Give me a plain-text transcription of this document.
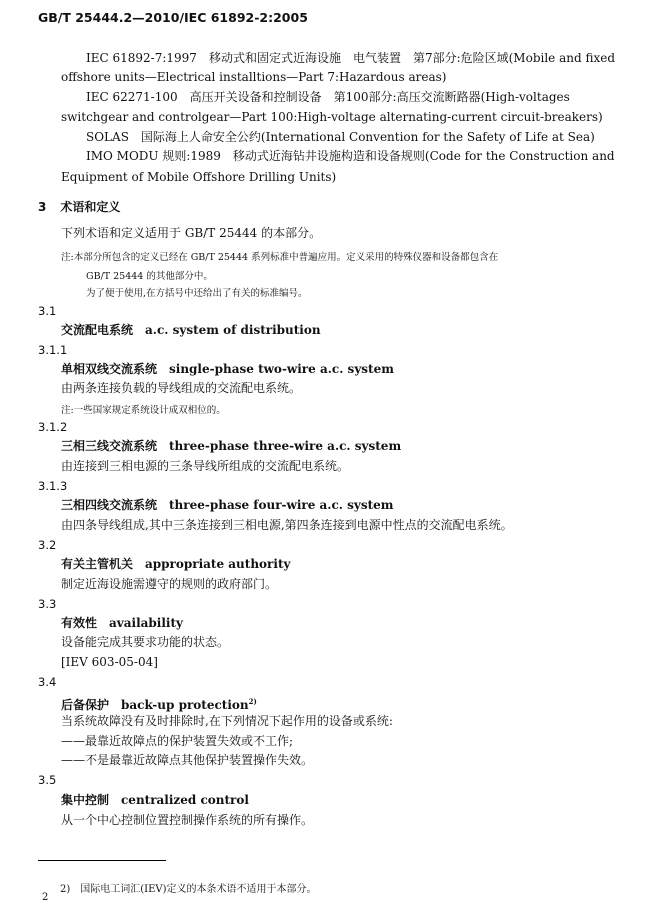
GB/T 25444.2—2010/IEC 61892-2:2005
IEC 61892-7:1997　移动式和固定式近海设施　电气装置　第7部分:危险区域(Mobile and fixed
offshore units—Electrical installtions—Part 7:Hazardous areas)
IEC 62271-100　高压开关设备和控制设备　第100部分:高压交流断路器(High-voltages
switchgear and controlgear—Part 100:High-voltage alternating-current circuit-breakers)
SOLAS　国际海上人命安全公约(International Convention for the Safety of Life at Sea)
IMO MODU 规则:1989　移动式近海钻井设施构造和设备规则(Code for the Construction and
Equipment of Mobile Offshore Drilling Units)
3 术语和定义
下列术语和定义适用于 GB/T 25444 的本部分。
注:本部分所包含的定义已经在 GB/T 25444 系列标准中普遍应用。定义采用的特殊仪器和设备都包含在
GB/T 25444 的其他部分中。
为了便于使用,在方括号中还给出了有关的标准编号。
3.1
交流配电系统　a.c. system of distribution
3.1.1
单相双线交流系统　single-phase two-wire a.c. system
由两条连接负载的导线组成的交流配电系统。
注:一些国家规定系统设计成双相位的。
3.1.2
三相三线交流系统　three-phase three-wire a.c. system
由连接到三相电源的三条导线所组成的交流配电系统。
3.1.3
三相四线交流系统　three-phase four-wire a.c. system
由四条导线组成,其中三条连接到三相电源,第四条连接到电源中性点的交流配电系统。
3.2
有关主管机关　appropriate authority
制定近海设施需遵守的规则的政府部门。
3.3
有效性　availability
设备能完成其要求功能的状态。
[IEV 603-05-04]
3.4
后备保护　back-up protection$^{2)}$
当系统故障没有及时排除时,在下列情况下起作用的设备或系统:
——最靠近故障点的保护装置失效或不工作;
——不是最靠近故障点其他保护装置操作失效。
3.5
集中控制　centralized control
从一个中心控制位置控制操作系统的所有操作。
2)　国际电工词汇(IEV)定义的本条术语不适用于本部分。
2
